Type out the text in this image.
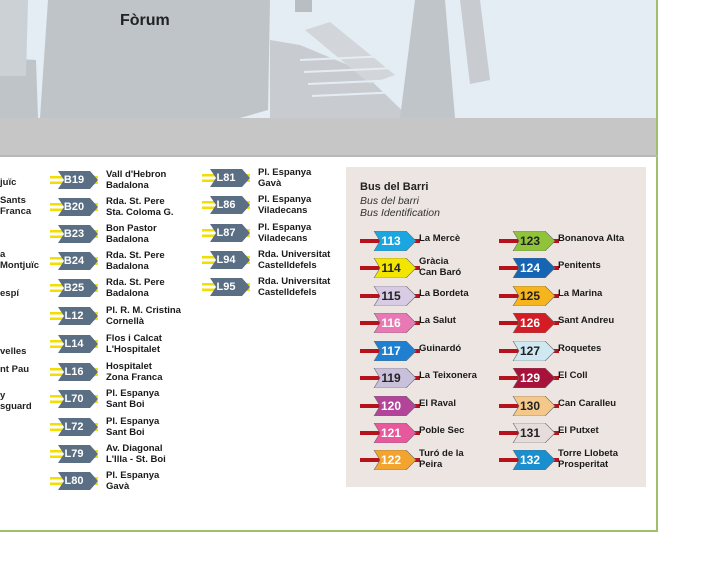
Fòrum
juïc
Sants
Franca
a
Montjuïc
espí
velles
nt Pau
y
sguard
B19	Vall d'Hebron
Badalona
B20	Rda. St. Pere
Sta. Coloma G.
B23	Bon Pastor
Badalona
B24	Rda. St. Pere
Badalona
B25	Rda. St. Pere
Badalona
L12	Pl. R. M. Cristina
Cornellà
L14	Flos i Calcat
L'Hospitalet
L16	Hospitalet
Zona Franca
L70	Pl. Espanya
Sant Boi
L72	Pl. Espanya
Sant Boi
L79	Av. Diagonal
L'Illa - St. Boi
L80	Pl. Espanya
Gavà
L81	Pl. Espanya
Gavà
L86	Pl. Espanya
Viladecans
L87	Pl. Espanya
Viladecans
L94	Rda. Universitat
Castelldefels
L95	Rda. Universitat
Castelldefels
Bus del Barri
Bus del barri
Bus Identification
113	La Mercè
114	Gràcia
Can Baró
115	La Bordeta
116	La Salut
117	Guinardó
119	La Teixonera
120	El Raval
121	Poble Sec
122	Turó de la
Peira
123	Bonanova Alta
124	Penitents
125	La Marina
126	Sant Andreu
127	Roquetes
129	El Coll
130	Can Caralleu
131	El Putxet
132	Torre Llobeta
Prosperitat
